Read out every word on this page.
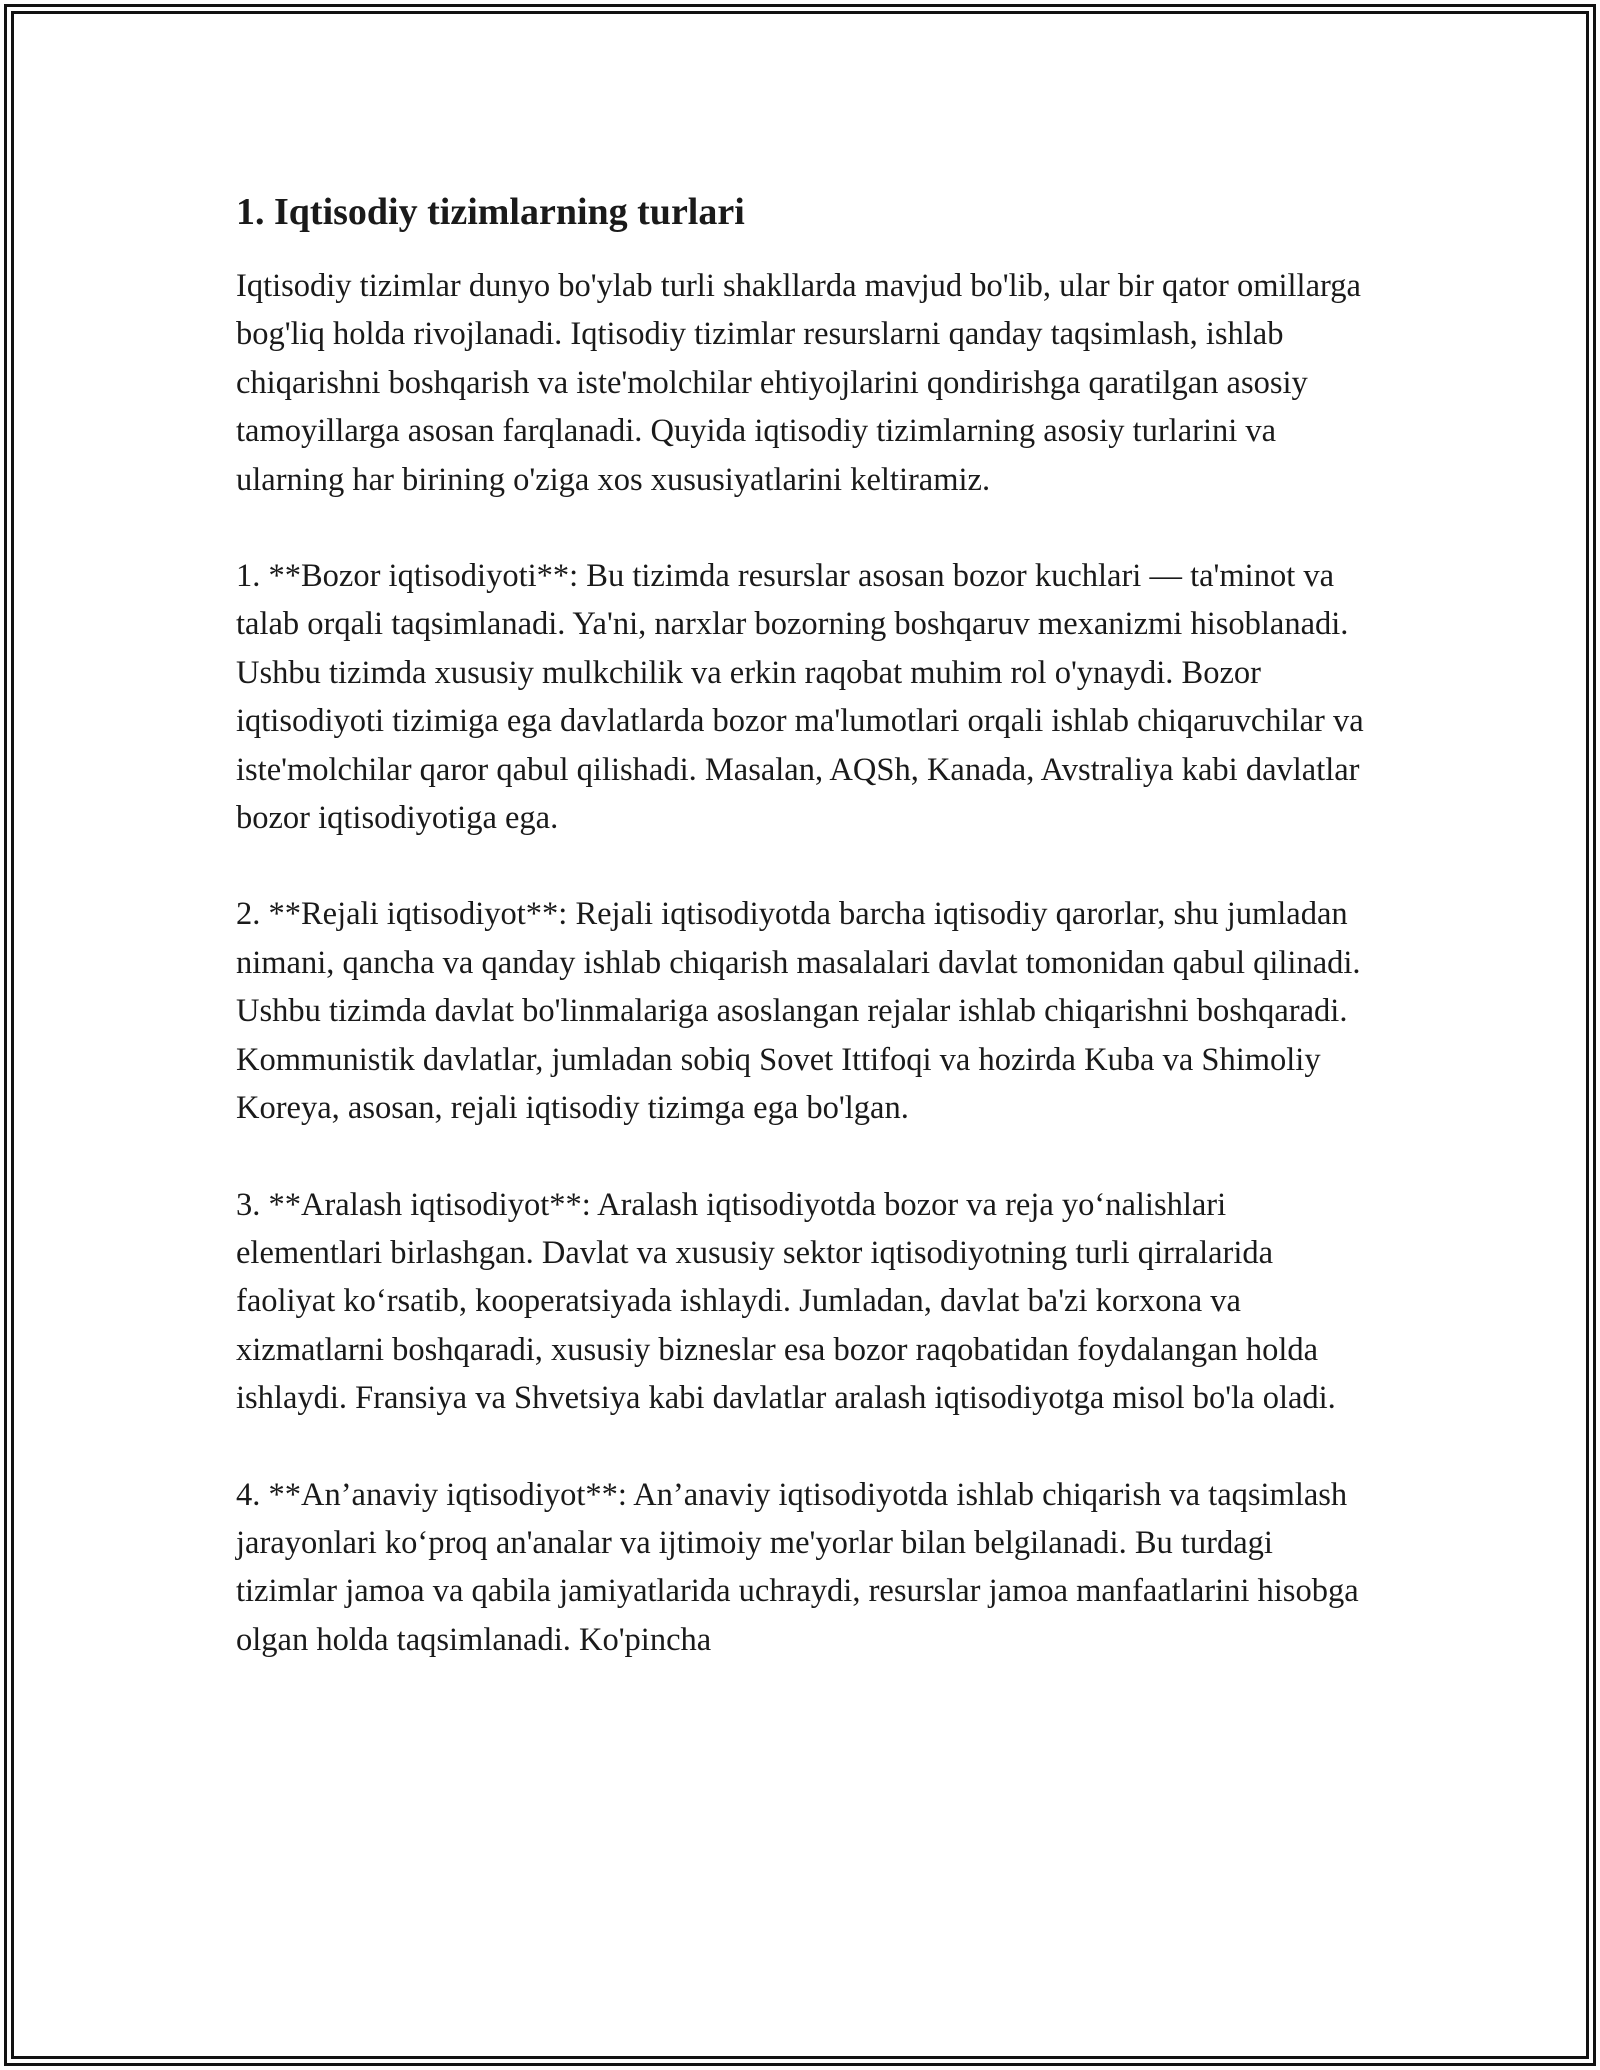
1. Iqtisodiy tizimlarning turlari

Iqtisodiy tizimlar dunyo bo'ylab turli shakllarda mavjud bo'lib, ular bir qator omillarga bog'liq holda rivojlanadi. Iqtisodiy tizimlar resurslarni qanday taqsimlash, ishlab chiqarishni boshqarish va iste'molchilar ehtiyojlarini qondirishga qaratilgan asosiy tamoyillarga asosan farqlanadi. Quyida iqtisodiy tizimlarning asosiy turlarini va ularning har birining o'ziga xos xususiyatlarini keltiramiz.

1. **Bozor iqtisodiyoti**: Bu tizimda resurslar asosan bozor kuchlari — ta'minot va talab orqali taqsimlanadi. Ya'ni, narxlar bozorning boshqaruv mexanizmi hisoblanadi. Ushbu tizimda xususiy mulkchilik va erkin raqobat muhim rol o'ynaydi. Bozor iqtisodiyoti tizimiga ega davlatlarda bozor ma'lumotlari orqali ishlab chiqaruvchilar va iste'molchilar qaror qabul qilishadi. Masalan, AQSh, Kanada, Avstraliya kabi davlatlar bozor iqtisodiyotiga ega.

2. **Rejali iqtisodiyot**: Rejali iqtisodiyotda barcha iqtisodiy qarorlar, shu jumladan nimani, qancha va qanday ishlab chiqarish masalalari davlat tomonidan qabul qilinadi. Ushbu tizimda davlat bo'linmalariga asoslangan rejalar ishlab chiqarishni boshqaradi. Kommunistik davlatlar, jumladan sobiq Sovet Ittifoqi va hozirda Kuba va Shimoliy Koreya, asosan, rejali iqtisodiy tizimga ega bo'lgan.

3. **Aralash iqtisodiyot**: Aralash iqtisodiyotda bozor va reja yo‘nalishlari elementlari birlashgan. Davlat va xususiy sektor iqtisodiyotning turli qirralarida faoliyat ko‘rsatib, kooperatsiyada ishlaydi. Jumladan, davlat ba'zi korxona va xizmatlarni boshqaradi, xususiy bizneslar esa bozor raqobatidan foydalangan holda ishlaydi. Fransiya va Shvetsiya kabi davlatlar aralash iqtisodiyotga misol bo'la oladi.

4. **An’anaviy iqtisodiyot**: An’anaviy iqtisodiyotda ishlab chiqarish va taqsimlash jarayonlari ko‘proq an'analar va ijtimoiy me'yorlar bilan belgilanadi. Bu turdagi tizimlar jamoa va qabila jamiyatlarida uchraydi, resurslar jamoa manfaatlarini hisobga olgan holda taqsimlanadi. Ko'pincha
